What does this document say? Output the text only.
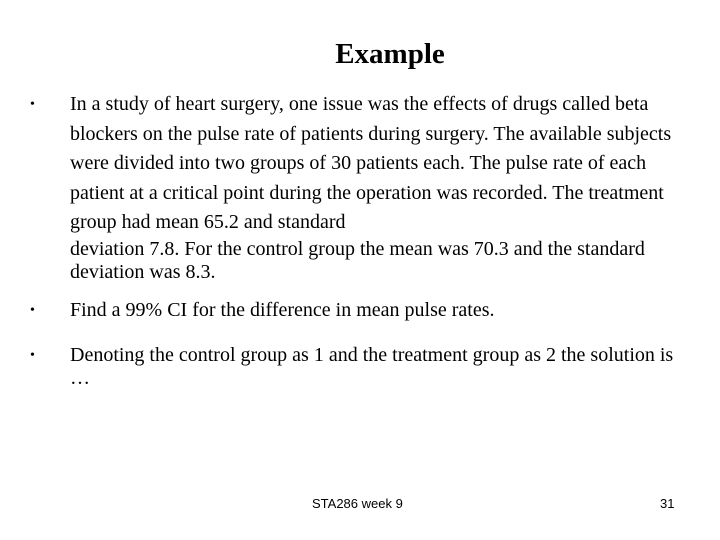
Example
• In a study of heart surgery, one issue was the effects of drugs called beta blockers on the pulse rate of patients during surgery. The available subjects were divided into two groups of 30 patients each. The pulse rate of each patient at a critical point during the operation was recorded. The treatment group had mean 65.2 and standard
deviation 7.8. For the control group the mean was 70.3 and the standard deviation was 8.3.
• Find a 99% CI for the difference in mean pulse rates.
• Denoting the control group as 1 and the treatment group as 2 the solution is …
STA286 week 9	31
